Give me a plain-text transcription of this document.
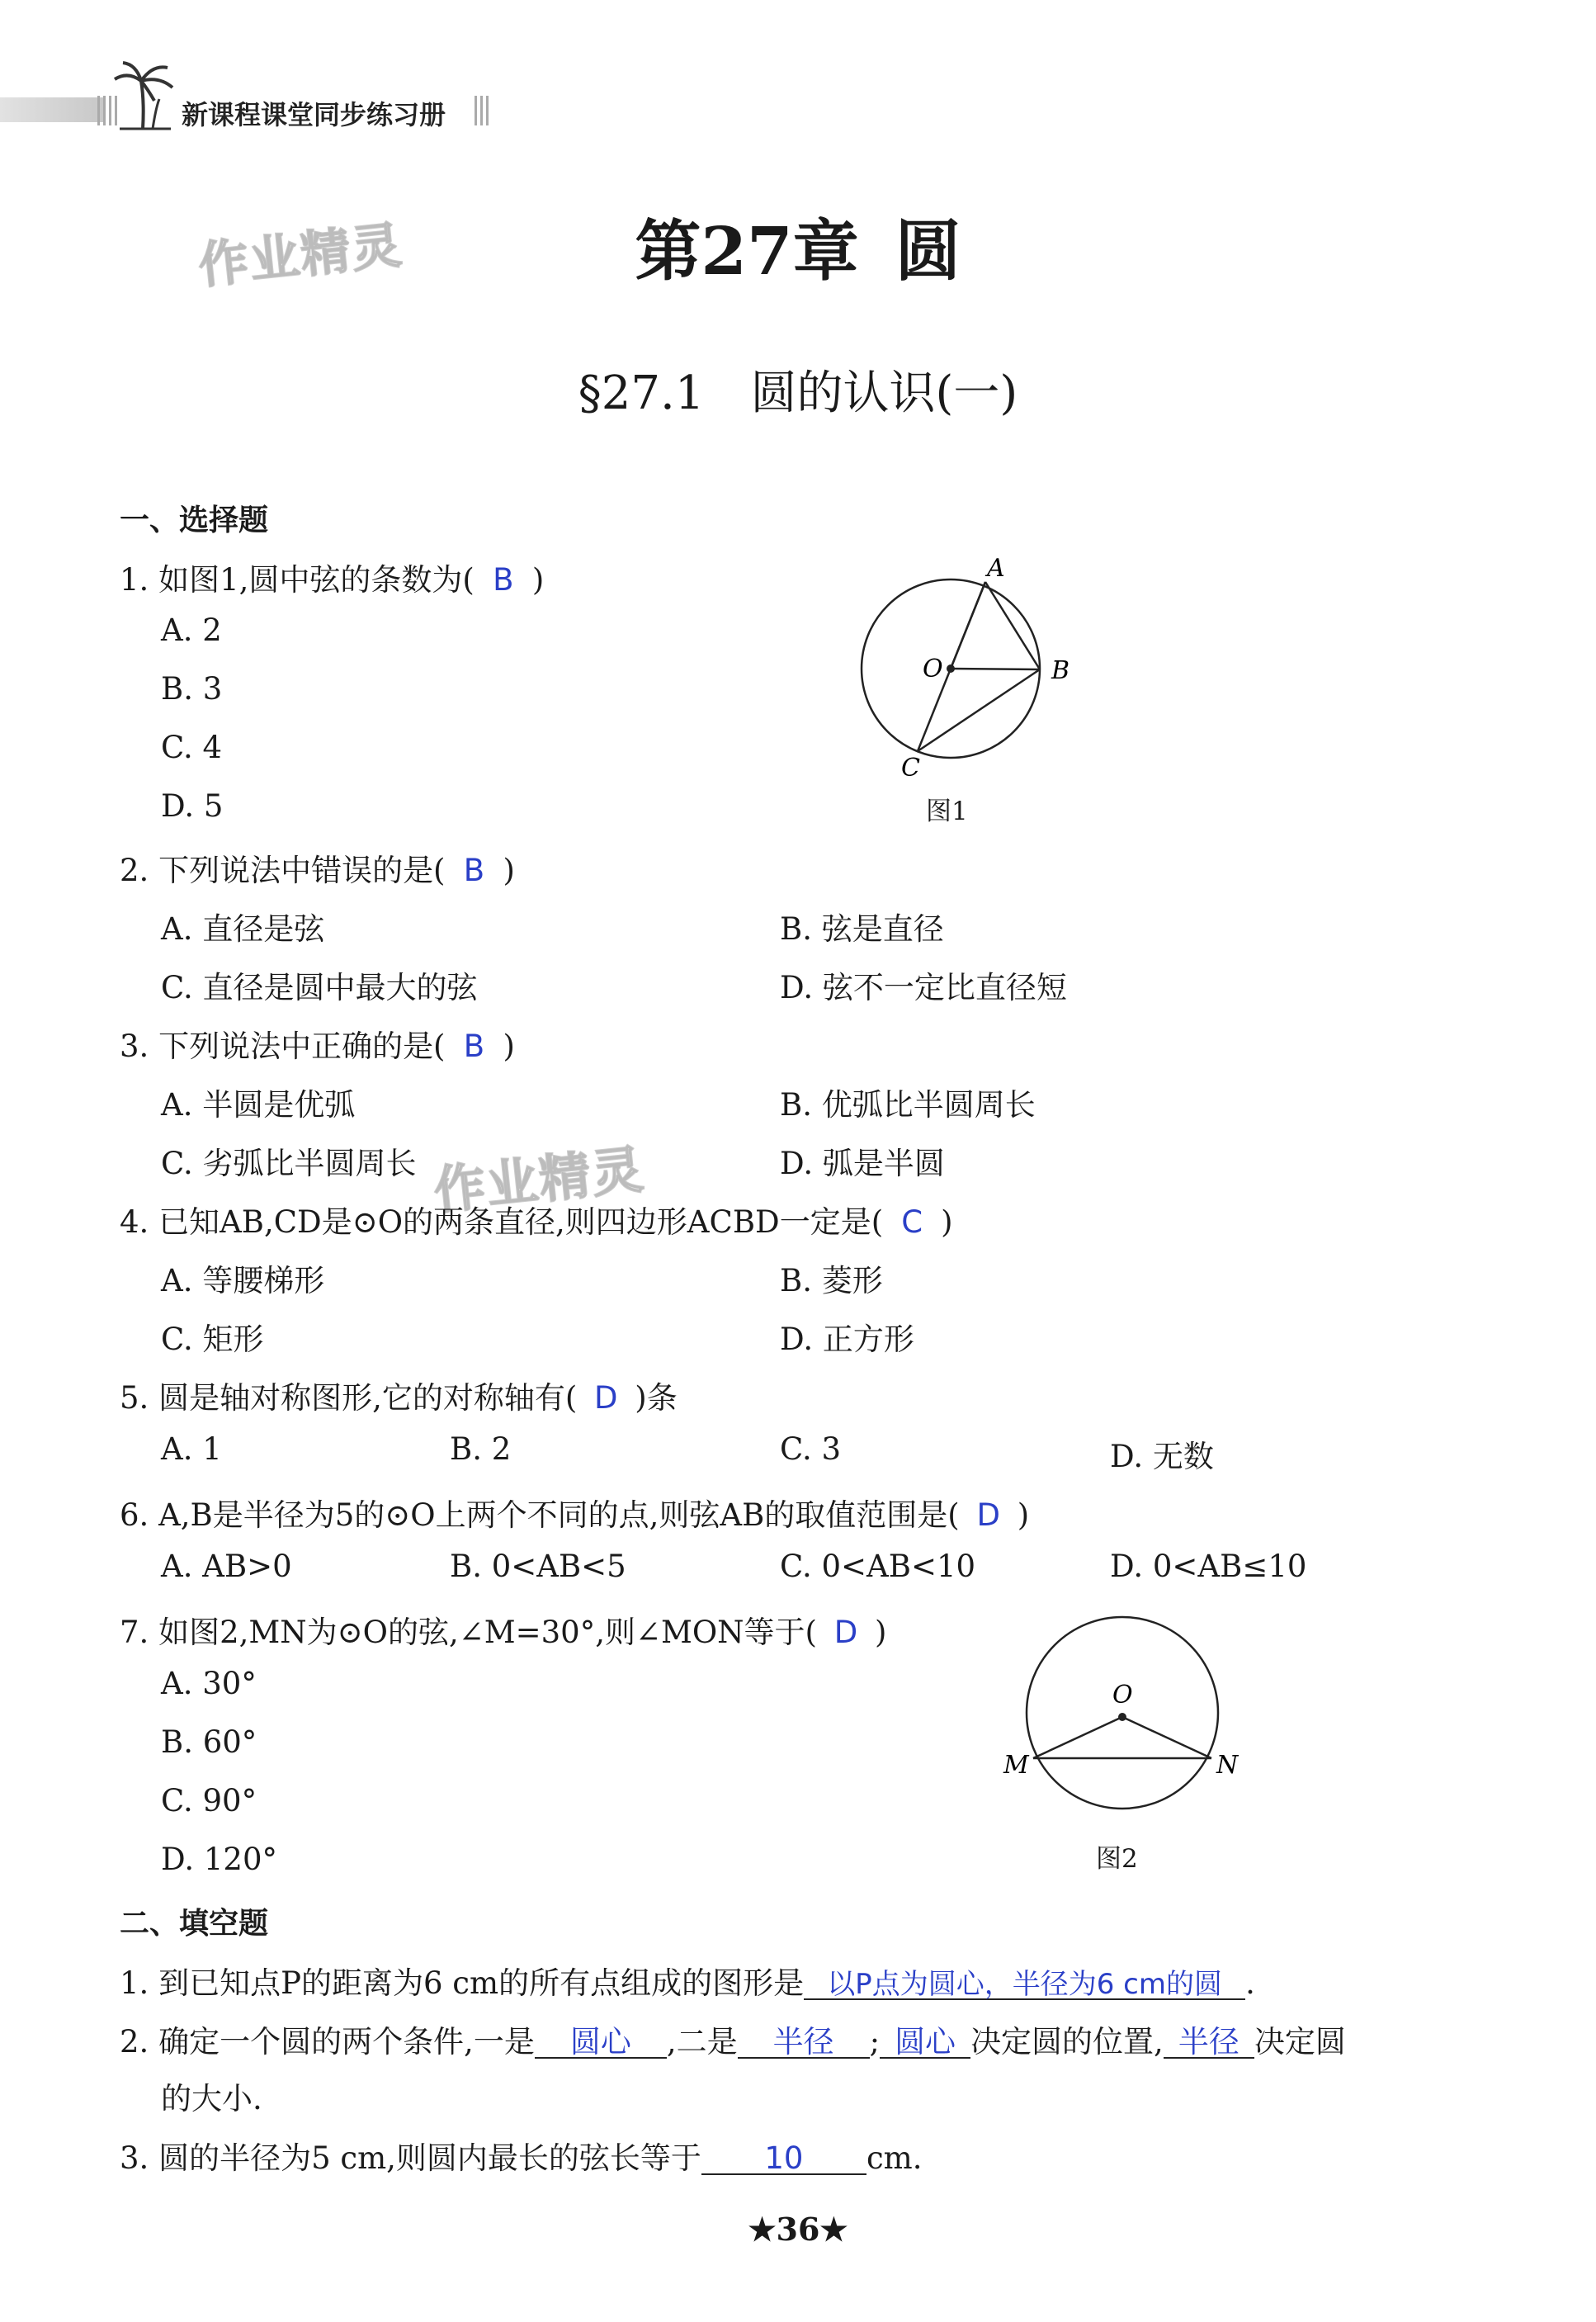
新课程课堂同步练习册
作业精灵
作业精灵
第27章 圆
§27.1 圆的认识(一)
一、选择题
1. 如图1,圆中弦的条数为( B )
A. 2
B. 3
C. 4
D. 5
A
B
C
O
图1
2. 下列说法中错误的是( B )
A. 直径是弦	B. 弦是直径
C. 直径是圆中最大的弦	D. 弦不一定比直径短
3. 下列说法中正确的是( B )
A. 半圆是优弧	B. 优弧比半圆周长
C. 劣弧比半圆周长	D. 弧是半圆
4. 已知AB,CD是⊙O的两条直径,则四边形ACBD一定是( C )
A. 等腰梯形	B. 菱形
C. 矩形	D. 正方形
5. 圆是轴对称图形,它的对称轴有( D )条
A. 1	B. 2	C. 3	D. 无数
6. A,B是半径为5的⊙O上两个不同的点,则弦AB的取值范围是( D )
A. AB>0	B. 0<AB<5	C. 0<AB<10	D. 0<AB≤10
7. 如图2,MN为⊙O的弦,∠M=30°,则∠MON等于( D )
A. 30°
B. 60°
C. 90°
D. 120°
O
M	N
图2
二、填空题
1. 到已知点P的距离为6 cm的所有点组成的图形是 以P点为圆心，半径为6 cm的圆 .
2. 确定一个圆的两个条件,一是 圆心 ,二是 半径 ; 圆心 决定圆的位置, 半径 决定圆
的大小.
3. 圆的半径为5 cm,则圆内最长的弦长等于 10 cm.
★36★
